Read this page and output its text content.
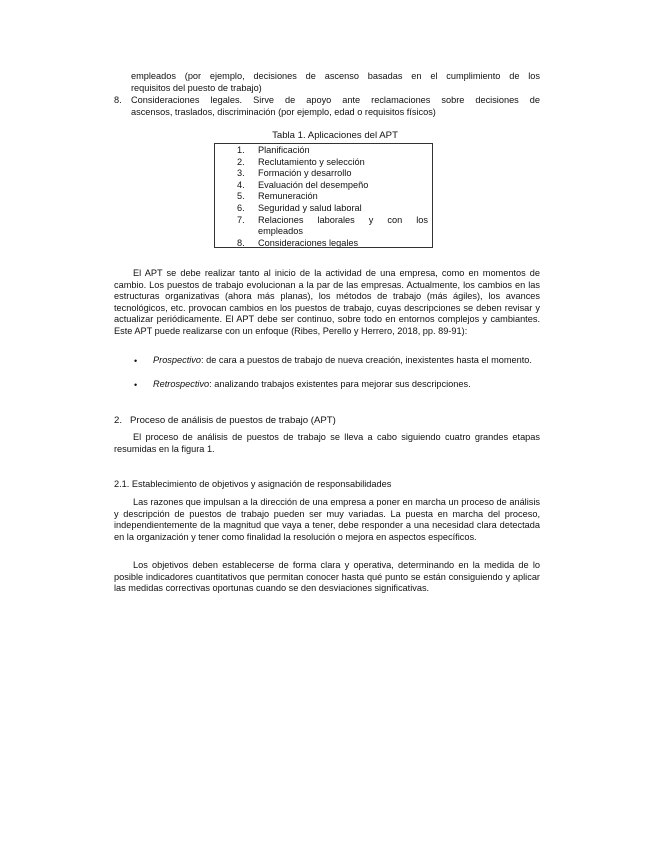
empleados (por ejemplo, decisiones de ascenso basadas en el cumplimiento de los
requisitos del puesto de trabajo)
8. Consideraciones legales. Sirve de apoyo ante reclamaciones sobre decisiones de
ascensos, traslados, discriminación (por ejemplo, edad o requisitos físicos)
Tabla 1. Aplicaciones del APT
1. Planificación
2. Reclutamiento y selección
3. Formación y desarrollo
4. Evaluación del desempeño
5. Remuneración
6. Seguridad y salud laboral
7. Relaciones laborales y con los empleados
8. Consideraciones legales
El APT se debe realizar tanto al inicio de la actividad de una empresa, como en momentos de cambio. Los puestos de trabajo evolucionan a la par de las empresas. Actualmente, los cambios en las estructuras organizativas (ahora más planas), los métodos de trabajo (más ágiles), los avances tecnológicos, etc. provocan cambios en los puestos de trabajo, cuyas descripciones se deben revisar y actualizar periódicamente. El APT debe ser continuo, sobre todo en entornos complejos y cambiantes. Este APT puede realizarse con un enfoque (Ribes, Perello y Herrero, 2018, pp. 89-91):
• Prospectivo: de cara a puestos de trabajo de nueva creación, inexistentes hasta el momento.
• Retrospectivo: analizando trabajos existentes para mejorar sus descripciones.
2.   Proceso de análisis de puestos de trabajo (APT)
El proceso de análisis de puestos de trabajo se lleva a cabo siguiendo cuatro grandes etapas resumidas en la figura 1.
2.1. Establecimiento de objetivos y asignación de responsabilidades
Las razones que impulsan a la dirección de una empresa a poner en marcha un proceso de análisis y descripción de puestos de trabajo pueden ser muy variadas. La puesta en marcha del proceso, independientemente de la magnitud que vaya a tener, debe responder a una necesidad clara detectada en la organización y tener como finalidad la resolución o mejora en aspectos específicos.
Los objetivos deben establecerse de forma clara y operativa, determinando en la medida de lo posible indicadores cuantitativos que permitan conocer hasta qué punto se están consiguiendo y aplicar las medidas correctivas oportunas cuando se den desviaciones significativas.
